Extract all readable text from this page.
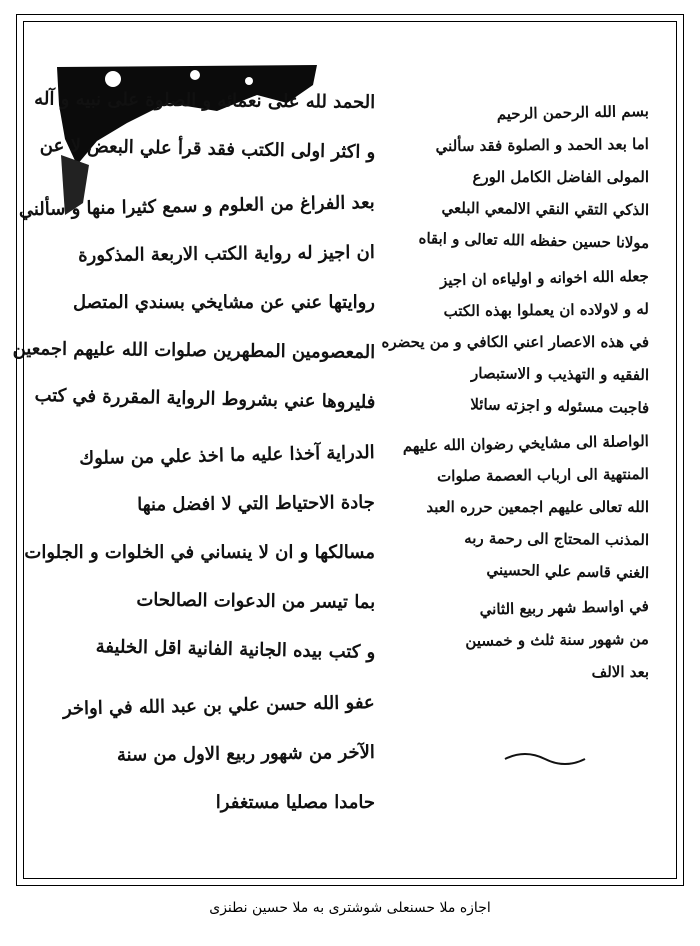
بسم الله الرحمن الرحيم
اما بعد الحمد و الصلوة فقد سألني
المولى الفاضل الكامل الورع
الذكي التقي النقي الالمعي البلعي
مولانا حسين حفظه الله تعالى و ابقاه
جعله الله اخوانه و اولياءه ان اجيز
له و لاولاده ان يعملوا بهذه الكتب
في هذه الاعصار اعني الكافي و من يحضره
الفقيه و التهذيب و الاستبصار
فاجبت مسئوله و اجزته سائلا
الواصلة الى مشايخي رضوان الله عليهم
المنتهية الى ارباب العصمة صلوات
الله تعالى عليهم اجمعين حرره العبد
المذنب المحتاج الى رحمة ربه
الغني قاسم علي الحسيني
في اواسط شهر ربيع الثاني
من شهور سنة ثلث و خمسين
بعد الالف
الحمد لله على نعمائه و الصلوة على نبيه و آله
و اكثر اولى الكتب فقد قرأ علي البعض لا عن
بعد الفراغ من العلوم و سمع كثيرا منها و سألني
ان اجيز له رواية الكتب الاربعة المذكورة
روايتها عني عن مشايخي بسندي المتصل
المعصومين المطهرين صلوات الله عليهم اجمعين
فليروها عني بشروط الرواية المقررة في كتب
الدراية آخذا عليه ما اخذ علي من سلوك
جادة الاحتياط التي لا افضل منها
مسالكها و ان لا ينساني في الخلوات و الجلوات
بما تيسر من الدعوات الصالحات
و كتب بيده الجانية الفانية اقل الخليفة
عفو الله حسن علي بن عبد الله في اواخر
الآخر من شهور ربيع الاول من سنة
حامدا مصليا مستغفرا
اجازه ملا حسنعلی شوشتری به ملا حسین نطنزی
